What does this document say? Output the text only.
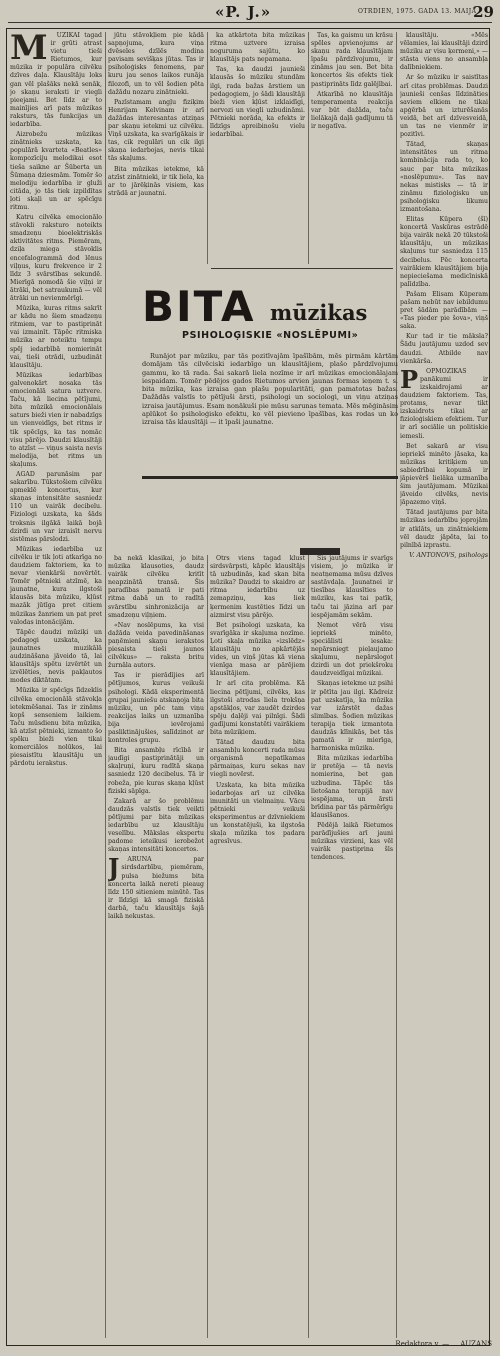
«P. J.»	OTRDIEN, 1975. GADA 13. MAIJĀ
29
M	ŪZIKAI tagad ir grūti atrast vietu tieši Rietumos, kur mūzika ir populāra cilvēku dzīves daļa. Klausītāju loks gan vēl plašāks nekā senāk, jo skaņu ieraksti ir viegli pieejami. Bet līdz ar to mainījies arī pats mūzikas raksturs, tās funkcijas un iedarbība.

Aizrobežu mūzikas zinātnieks uzskata, ka populārā kvarteta «Beatles» kompozīciju melodikai esot tieša saikne ar Šūberta un Šūmaņa dziesmām. Tomēr šo melodiju iedarbība ir gluži citāda, jo tās tiek izpildītas ļoti skaļi un ar spēcīgu ritmu.

Katru cilvēka emocionālo stāvokli raksturo noteikts smadzeņu bioelektriskās aktivitātes ritms. Piemēram, dziļa miega stāvoklis encefalogrammā dod lēnus viļņus, kuru frekvence ir 2 līdz 3 svārstības sekundē. Mierīgā nomodā šie viļņi ir ātrāki, bet satraukumā — vēl ātrāki un nevienmērīgi.

Mūzika, kuras ritms sakrīt ar kādu no šiem smadzeņu ritmiem, var to pastiprināt vai izmainīt. Tāpēc ritmiska mūzika ar noteiktu tempu spēj iedarbībā nomierināt vai, tieši otrādi, uzbudināt klausītāju.

Mūzikas iedarbības galvenokārt nosaka tās emocionālā satura uztvere. Taču, kā liecina pētījumi, bita mūzikā emocionālais saturs bieži vien ir nabadzīgs un vienveidīgs, bet ritms ir tik spēcīgs, ka tas nomāc visu pārējo. Daudzi klausītāji to atzīst — viņus saista nevis melodija, bet ritms un skaļums.

AGAD parunāsim par sakarību. Tūkstošiem cilvēku apmeklē koncertus, kur skaņas intensitāte sasniedz 110 un vairāk decibelu. Fiziologi uzskata, ka šāds troksnis ilgākā laikā bojā dzirdi un var izraisīt nervu sistēmas pārslodzi.

Mūzikas iedarbība uz cilvēku ir tik ļoti atkarīga no daudziem faktoriem, ka to nevar vienkārši novērtēt. Tomēr pētnieki atzīmē, ka jaunatne, kura ilgstoši klausās bita mūziku, kļūst mazāk jūtīga pret citiem mūzikas žanriem un pat pret valodas intonācijām.

Tāpēc daudzi mūziķi un pedagogi uzskata, ka jaunatnes muzikālā audzināšana jāveido tā, lai klausītājs spētu izvērtēt un izvēlēties, nevis pakļautos modes diktātam.

Mūzika ir spēcīgs līdzeklis cilvēka emocionālā stāvokļa ietekmēšanai. Tas ir zināms kopš senseniem laikiem. Taču mūsdienu bita mūzika, kā atzīst pētnieki, izmanto šo spēku bieži vien tikai komerciālos nolūkos, lai piesaistītu klausītāju un pārdotu ierakstus.

jūtu stāvokļiem pie kādā sapņojuma, kura viņa dvēseles dzīlēs modina pavisam sevišķas jūtas. Tas ir psiholoģisks fenomens, par kuru jau senos laikos runāja filozofi, un to vēl šodien pēta dažādu nozaru zinātnieki.

Pazīstamam angļu fiziķim Henrijam Kelvinam ir arī dažādas interesantas atziņas par skaņu ietekmi uz cilvēku. Viņš uzskata, ka svarīgākais ir tas, cik regulāri un cik ilgi skaņa iedarbojas, nevis tikai tās skaļums.

Bita mūzikas ietekme, kā atzīst zinātnieki, ir tik liela, ka ar to jārēķinās visiem, kas strādā ar jaunatni.

ka atkārtota bita mūzikas ritma uztvere izraisa noguruma sajūtu, ko klausītājs pats nepamana.

Tas, ka daudzi jaunieši klausās šo mūziku stundām ilgi, rada bažas ārstiem un pedagogiem, jo šādi klausītāji bieži vien kļūst izklaidīgi, nervozi un viegli uzbudināmi. Pētnieki norāda, ka efekts ir līdzīgs apreibinošu vielu iedarbībai.

Tas, ka gaismu un krāsu spēles apvienojums ar skaņu rada klausītājam īpašu pārdzīvojumu, ir zināms jau sen. Bet bita koncertos šis efekts tiek pastiprināts līdz galējībai.

Atkarībā no klausītāja temperamenta reakcija var būt dažāda, taču lielākajā daļā gadījumu tā ir negatīva.

BITA mūzikas
PSIHOLOĢISKIE «NOSLĒPUMI»

Runājot par mūziku, par tās pozitīvajām īpašībām, mēs pirmām kārtām domājam tās cilvēciski iedarbīgo un klausītājiem, plašo pārdzīvojumu gammu, ko tā rada. Šai sakarā liela nozīme ir arī mūzikas emocionālajam iespaidam. Tomēr pēdējos gados Rietumos arvien jaunas formas ieņem t. s. bita mūzika, kas izraisa gan plašu popularitāti, gan pamatotas bažas. Dažādās valstīs to pētījuši ārsti, psihologi un sociologi, un viņu atziņas izraisa jautājumus. Esam nonākuši pie mūsu sarunas temata. Mēs mēģināsim aplūkot šo psiholoģisko efektu, ko vēl pievieno īpašības, kas rodas un ko izraisa tās klausītāji — it īpaši jaunatne.

ba nekā klasikai, jo bita mūzika klausoties, daudz vairāk cilvēku kritīt neapzinātā transā. Šis paradības pamatā ir pati ritma dabā un to radītā svārstību sinhronizācija ar smadzeņu viļņiem.

«Nav noslēpums, ka visi dažāda veida pavedināšanas paņēmieni skaņu ierakstos piesaista tieši jaunos cilvēkus» — raksta britu žurnāla autors.

Tas ir pierādījies arī pētījumos, kurus veikuši psihologi. Kādā eksperimentā grupai jauniešu atskaņoja bita mūziku, un pēc tam viņu reakcijas laiks un uzmanība bija ievērojami pasliktinājušies, salīdzinot ar kontroles grupu.

Bita ansambļu rīcībā ir jaudīgi pastiprinātāji un skaļruņi, kuru radītā skaņa sasniedz 120 decibelus. Tā ir robeža, pie kuras skaņa kļūst fiziski sāpīga.

Zakarā ar šo problēmu daudzās valstīs tiek veikti pētījumi par bita mūzikas iedarbību uz klausītāju veselību. Mākslas ekspertu padome ieteikusi ierobežot skaņas intensitāti koncertos.

J	ARUNA par sirdsdarbību, piemēram, pulsa biežums bita koncerta laikā nereti pieaug līdz 150 sitieniem minūtē. Tas ir līdzīgi kā smagā fiziskā darbā, taču klausītājs šajā laikā nekustas.

Otrs viens tagad klust sirdsvārpsti, kāpēc klausītājs tā uzbudinās, kad skan bita mūzika? Daudzi to skaidro ar ritma iedarbību uz zemapziņu, kas liek ķermenim kustēties līdzi un aizmirst visu pārējo.

Bet psihologi uzskata, ka svarīgāka ir skaļuma nozīme. Ļoti skaļa mūzika «izslēdz» klausītāju no apkārtējās vides, un viņš jūtas kā viena vienīga masa ar pārējiem klausītājiem.

Ir arī cita problēma. Kā liecina pētījumi, cilvēks, kas ilgstoši atrodas liela trokšņa apstākļos, var zaudēt dzirdes spēju daļēji vai pilnīgi. Šādi gadījumi konstatēti vairākiem bita mūziķiem.

Tātad daudzu bita ansambļu koncerti rada mūsu organismā nepatīkamas pārmaiņas, kuru sekas nav viegli novērst.

Uzskata, ka bita mūzika iedarbojas arī uz cilvēka imunitāti un vielmaiņu. Vācu pētnieki veikuši eksperimentus ar dzīvniekiem un konstatējuši, ka ilgstoša skaļa mūzika tos padara agresīvus.

Šis jautājums ir svarīgs visiem, jo mūzika ir neatņemama mūsu dzīves sastāvdaļa. Jaunatnei ir tiesības klausīties to mūziku, kas tai patīk, taču tai jāzina arī par iespējamām sekām.

Ņemot vērā visu iepriekš minēto, speciālisti iesaka: nepārsniegt pieļaujamo skaļumu, nepārslogot dzirdi un dot priekšroku daudzveidīgai mūzikai.

Skaņas ietekme uz psihi ir pētīta jau ilgi. Kādreiz pat uzskatīja, ka mūzika var izārstēt dažas slimības. Šodien mūzikas terapija tiek izmantota daudzās klīnikās, bet tās pamatā ir mierīga, harmoniska mūzika.

Bita mūzikas iedarbība ir pretēja — tā nevis nomierina, bet gan uzbudina. Tāpēc tās lietošana terapijā nav iespējama, un ārsti brīdina par tās pārmērīgu klausīšanos.

Pēdējā laikā Rietumos parādījušies arī jauni mūzikas virzieni, kas vēl vairāk pastiprina šīs tendences.

klausītāju. «Mēs vēlamies, lai klausītāji dzird mūziku ar visu ķermeni,» — stāsta viens no ansambļa dalībniekiem.

Ar šo mūziku ir saistītas arī citas problēmas. Daudzi jaunieši cenšas līdzināties saviem elkiem ne tikai apģērbā un izturēšanās veidā, bet arī dzīvesveidā, un tas ne vienmēr ir pozitīvi.

Tātad, skaņas intensitātes un ritma kombinācija rada to, ko sauc par bita mūzikas «noslēpumu». Tas nav nekas mistisks — tā ir zināmu fizioloģisku un psiholoģisku likumu izmantošana.

Elitas Kūpera (šī) koncertā Vaskūras estrādē bija vairāk nekā 20 tūkstoši klausītāju, un mūzikas skaļums tur sasniedza 115 decibelus. Pēc koncerta vairākiem klausītājiem bija nepieciešama medicīniskā palīdzība.

Pašam Elisam Kūperam pašam nebūt nav iebildumu pret šādām parādībām — «Tas pieder pie šova», viņš saka.

Kur tad ir tie māksla? Šādu jautājumu uzdod sev daudzi. Atbilde nav vienkārša.

P	OPMOZIKAS panākumi ir izskaidrojami ar daudziem faktoriem. Tas, protams, nevar tikt izskaidrots tikai ar fizioloģiskiem efektiem. Tur ir arī sociālie un politiskie iemesli.

Bet sakarā ar visu iepriekš minēto jāsaka, ka mūzikas kritiķiem un sabiedrībai kopumā ir jāpievērš lielāka uzmanība šim jautājumam. Mūzikai jāveido cilvēks, nevis jāpazemo viņš.

Tātad jautājums par bita mūzikas iedarbību joprojām ir atklāts, un zinātniekiem vēl daudz jāpēta, lai to pilnībā izprastu.

V. ANTONOVS, psihologs
Redaktora v. — ... AUZANS
